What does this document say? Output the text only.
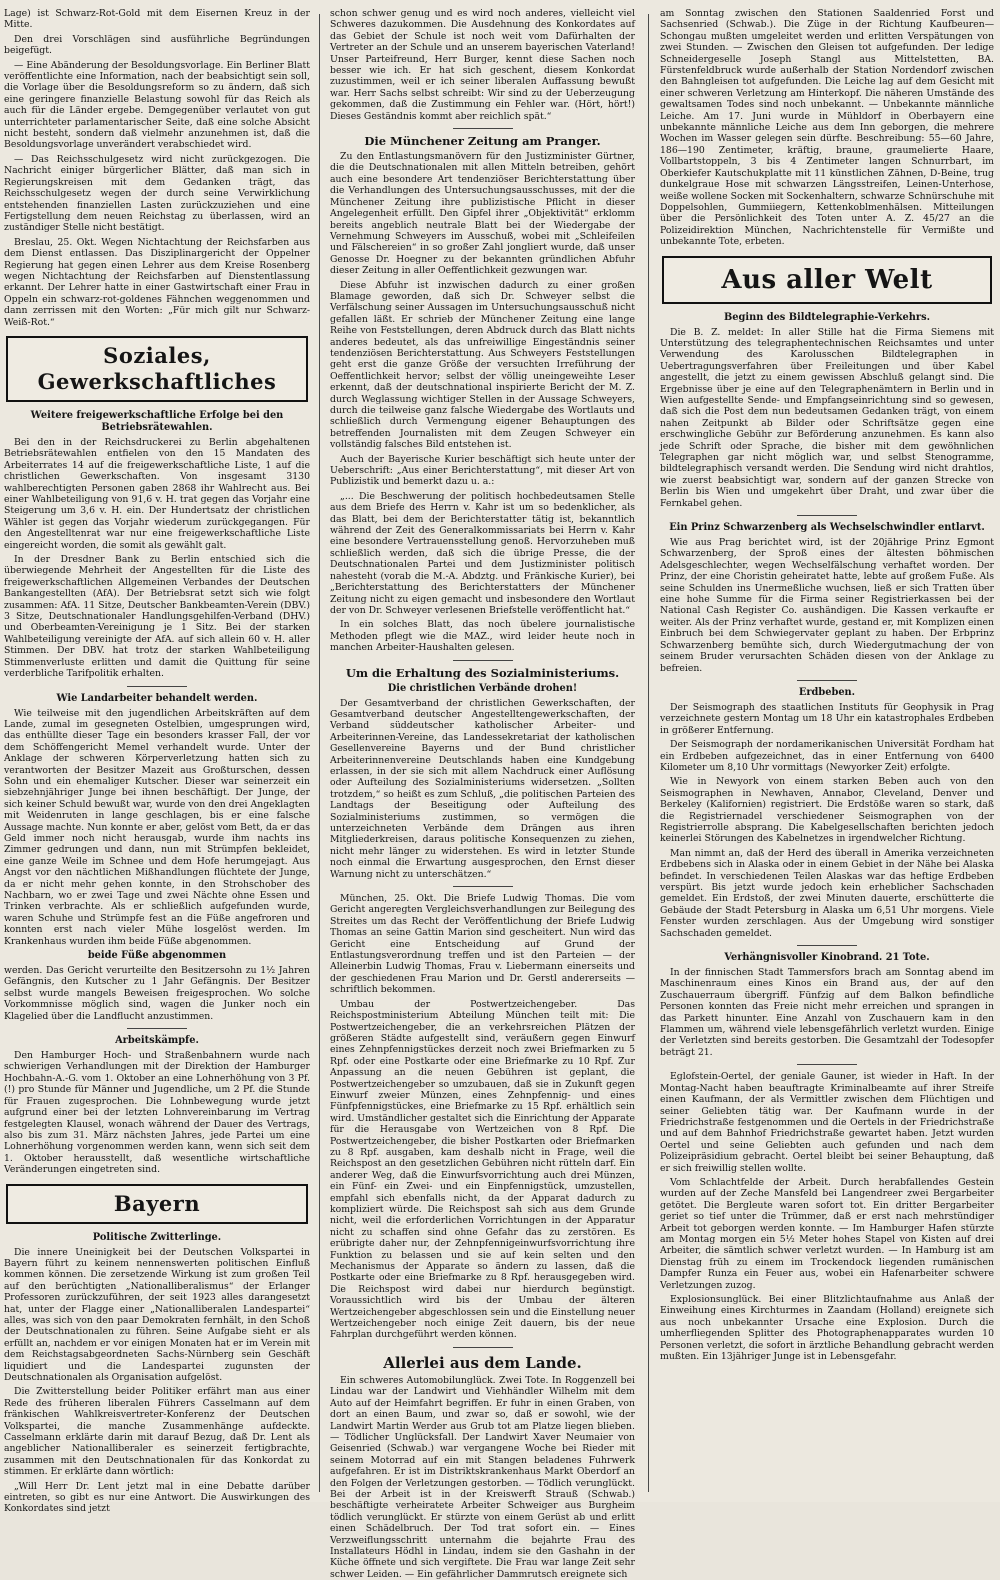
Lage) ist Schwarz-Rot-Gold mit dem Eisernen Kreuz in der Mitte.

Den drei Vorschlägen sind ausführliche Begründungen beigefügt.

— Eine Abänderung der Besoldungsvorlage. Ein Berliner Blatt veröffentlichte eine Information, nach der beabsichtigt sein soll, die Vorlage über die Besoldungsreform so zu ändern, daß sich eine geringere finanzielle Belastung sowohl für das Reich als auch für die Länder ergebe. Demgegenüber verlautet von gut unterrichteter parlamentarischer Seite, daß eine solche Absicht nicht besteht, sondern daß vielmehr anzunehmen ist, daß die Besoldungsvorlage unverändert verabschiedet wird.

— Das Reichsschulgesetz wird nicht zurückgezogen. Die Nachricht einiger bürgerlicher Blätter, daß man sich in Regierungskreisen mit dem Gedanken trägt, das Reichsschulgesetz wegen der durch seine Verwirklichung entstehenden finanziellen Lasten zurückzuziehen und eine Fertigstellung dem neuen Reichstag zu überlassen, wird an zuständiger Stelle nicht bestätigt.

Breslau, 25. Okt. Wegen Nichtachtung der Reichsfarben aus dem Dienst entlassen. Das Disziplinargericht der Oppelner Regierung hat gegen einen Lehrer aus dem Kreise Rosenberg wegen Nichtachtung der Reichsfarben auf Dienstentlassung erkannt. Der Lehrer hatte in einer Gastwirtschaft einer Frau in Oppeln ein schwarz-rot-goldenes Fähnchen weggenommen und dann zerrissen mit den Worten: „Für mich gilt nur Schwarz-Weiß-Rot.“

Soziales, Gewerkschaftliches
Weitere freigewerkschaftliche Erfolge bei den Betriebsrätewahlen.

Bei den in der Reichsdruckerei zu Berlin abgehaltenen Betriebsrätewahlen entfielen von den 15 Mandaten des Arbeiterrates 14 auf die freigewerkschaftliche Liste, 1 auf die christlichen Gewerkschaften. Von insgesamt 3130 wahlberechtigten Personen gaben 2868 ihr Wahlrecht aus. Bei einer Wahlbeteiligung von 91,6 v. H. trat gegen das Vorjahr eine Steigerung um 3,6 v. H. ein. Der Hundertsatz der christlichen Wähler ist gegen das Vorjahr wiederum zurückgegangen. Für den Angestelltenrat war nur eine freigewerkschaftliche Liste eingereicht worden, die somit als gewählt galt.

In der Dresdner Bank zu Berlin entschied sich die überwiegende Mehrheit der Angestellten für die Liste des freigewerkschaftlichen Allgemeinen Verbandes der Deutschen Bankangestellten (AfA). Der Betriebsrat setzt sich wie folgt zusammen: AfA. 11 Sitze, Deutscher Bankbeamten-Verein (DBV.) 3 Sitze, Deutschnationaler Handlungsgehilfen-Verband (DHV.) und Oberbeamten-Vereinigung je 1 Sitz. Bei der starken Wahlbeteiligung vereinigte der AfA. auf sich allein 60 v. H. aller Stimmen. Der DBV. hat trotz der starken Wahlbeteiligung Stimmenverluste erlitten und damit die Quittung für seine verderbliche Tarifpolitik erhalten.

Wie Landarbeiter behandelt werden.

Wie teilweise mit den jugendlichen Arbeitskräften auf dem Lande, zumal im gesegneten Ostelbien, umgesprungen wird, das enthüllte dieser Tage ein besonders krasser Fall, der vor dem Schöffengericht Memel verhandelt wurde. Unter der Anklage der schweren Körperverletzung hatten sich zu verantworten der Besitzer Mazeit aus Großturschen, dessen Sohn und ein ehemaliger Kutscher. Dieser war seinerzeit ein siebzehnjähriger Junge bei ihnen beschäftigt. Der Junge, der sich keiner Schuld bewußt war, wurde von den drei Angeklagten mit Weidenruten in lange geschlagen, bis er eine falsche Aussage machte. Nun konnte er aber, gelöst vom Bett, da er das Geld immer noch nicht herausgab, wurde ihm nachts ins Zimmer gedrungen und dann, nun mit Strümpfen bekleidet, eine ganze Weile im Schnee und dem Hofe herumgejagt. Aus Angst vor den nächtlichen Mißhandlungen flüchtete der Junge, da er nicht mehr gehen konnte, in den Strohschober des Nachbarn, wo er zwei Tage und zwei Nächte ohne Essen und Trinken verbrachte. Als er schließlich aufgefunden wurde, waren Schuhe und Strümpfe fest an die Füße angefroren und konnten erst nach vieler Mühe losgelöst werden. Im Krankenhaus wurden ihm beide Füße abgenommen.

beide Füße abgenommen

werden. Das Gericht verurteilte den Besitzersohn zu 1½ Jahren Gefängnis, den Kutscher zu 1 Jahr Gefängnis. Der Besitzer selbst wurde mangels Beweisen freigesprochen. Wo solche Vorkommnisse möglich sind, wagen die Junker noch ein Klagelied über die Landflucht anzustimmen.

Arbeitskämpfe.

Den Hamburger Hoch- und Straßenbahnern wurde nach schwierigen Verhandlungen mit der Direktion der Hamburger Hochbahn-A.-G. vom 1. Oktober an eine Lohnerhöhung von 3 Pf.(!) pro Stunde für Männer und Jugendliche, um 2 Pf. die Stunde für Frauen zugesprochen. Die Lohnbewegung wurde jetzt aufgrund einer bei der letzten Lohnvereinbarung im Vertrag festgelegten Klausel, wonach während der Dauer des Vertrags, also bis zum 31. März nächsten Jahres, jede Partei um eine Lohnerhöhung vorgenommen werden kann, wenn sich seit dem 1. Oktober herausstellt, daß wesentliche wirtschaftliche Veränderungen eingetreten sind.

Bayern
Politische Zwitterlinge.

Die innere Uneinigkeit bei der Deutschen Volkspartei in Bayern führt zu keinem nennenswerten politischen Einfluß kommen können. Die zersetzende Wirkung ist zum großen Teil auf den berüchtigten „Nationalliberalismus“ der Erlanger Professoren zurückzuführen, der seit 1923 alles darangesetzt hat, unter der Flagge einer „Nationalliberalen Landespartei“ alles, was sich von den paar Demokraten fernhält, in den Schoß der Deutschnationalen zu führen. Seine Aufgabe sieht er als erfüllt an, nachdem er vor einigen Monaten hat er im Verein mit dem Reichstagsabgeordneten Sachs-Nürnberg sein Geschäft liquidiert und die Landespartei zugunsten der Deutschnationalen als Organisation aufgelöst.

Die Zwitterstellung beider Politiker erfährt man aus einer Rede des früheren liberalen Führers Casselmann auf dem fränkischen Wahlkreisvertreter-Konferenz der Deutschen Volkspartei, die manche Zusammenhänge aufdeckte. Casselmann erklärte darin mit darauf Bezug, daß Dr. Lent als angeblicher Nationalliberaler es seinerzeit fertigbrachte, zusammen mit den Deutschnationalen für das Konkordat zu stimmen. Er erklärte dann wörtlich:

„Will Herr Dr. Lent jetzt mal in eine Debatte darüber eintreten, so gibt es nur eine Antwort. Die Auswirkungen des Konkordates sind jetzt

schon schwer genug und es wird noch anderes, vielleicht viel Schweres dazukommen. Die Ausdehnung des Konkordates auf das Gebiet der Schule ist noch weit vom Dafürhalten der Vertreter an der Schule und an unserem bayerischen Vaterland! Unser Parteifreund, Herr Burger, kennt diese Sachen noch besser wie ich. Er hat sich geschent, diesem Konkordat zuzustimmen, weil er ich seiner liberalen Auffassung bewußt war. Herr Sachs selbst schreibt: Wir sind zu der Ueberzeugung gekommen, daß die Zustimmung ein Fehler war. (Hört, hört!) Dieses Geständnis kommt aber reichlich spät.“

Die Münchener Zeitung am Pranger.

Zu den Entlastungsmanövern für den Justizminister Gürtner, die die Deutschnationalen mit allen Mitteln betreiben, gehört auch eine besondere Art tendenziöser Berichterstattung über die Verhandlungen des Untersuchungsausschusses, mit der die Münchener Zeitung ihre publizistische Pflicht in dieser Angelegenheit erfüllt. Den Gipfel ihrer „Objektivität“ erklomm bereits angeblich neutrale Blatt bei der Wiedergabe der Vernehmung Schweyers im Ausschuß, wobei mit „Schleifeilen und Fälschereien“ in so großer Zahl jongliert wurde, daß unser Genosse Dr. Hoegner zu der bekannten gründlichen Abfuhr dieser Zeitung in aller Oeffentlichkeit gezwungen war.

Diese Abfuhr ist inzwischen dadurch zu einer großen Blamage geworden, daß sich Dr. Schweyer selbst die Verfälschung seiner Aussagen im Untersuchungsausschuß nicht gefallen läßt. Er schrieb der Münchener Zeitung eine lange Reihe von Feststellungen, deren Abdruck durch das Blatt nichts anderes bedeutet, als das unfreiwillige Eingeständnis seiner tendenziösen Berichterstattung. Aus Schweyers Feststellungen geht erst die ganze Größe der versuchten Irreführung der Oeffentlichkeit hervor; selbst der völlig uneingeweihte Leser erkennt, daß der deutschnational inspirierte Bericht der M. Z. durch Weglassung wichtiger Stellen in der Aussage Schweyers, durch die teilweise ganz falsche Wiedergabe des Wortlauts und schließlich durch Vermengung eigener Behauptungen des betreffenden Journalisten mit dem Zeugen Schweyer ein vollständig falsches Bild entstehen ist.

Auch der Bayerische Kurier beschäftigt sich heute unter der Ueberschrift: „Aus einer Berichterstattung“, mit dieser Art von Publizistik und bemerkt dazu u. a.:

„... Die Beschwerung der politisch hochbedeutsamen Stelle aus dem Briefe des Herrn v. Kahr ist um so bedenklicher, als das Blatt, bei dem der Berichterstatter tätig ist, bekanntlich während der Zeit des Generalkommissariats bei Herrn v. Kahr eine besondere Vertrauensstellung genoß. Hervorzuheben muß schließlich werden, daß sich die übrige Presse, die der Deutschnationalen Partei und dem Justizminister politisch nahesteht (vorab die M.-A. Abdztg. und Fränkische Kurier), bei „Berichterstattung des Berichterstatters der Münchener Zeitung nicht zu eigen gemacht und insbesondere den Wortlaut der von Dr. Schweyer verlesenen Briefstelle veröffentlicht hat.“

In ein solches Blatt, das noch übelere journalistische Methoden pflegt wie die MAZ., wird leider heute noch in manchen Arbeiter-Haushalten gelesen.

Um die Erhaltung des Sozialministeriums.
Die christlichen Verbände drohen!

Der Gesamtverband der christlichen Gewerkschaften, der Gesamtverband deutscher Angestelltengewerkschaften, der Verband süddeutscher katholischer Arbeiter- und Arbeiterinnen-Vereine, das Landessekretariat der katholischen Gesellenvereine Bayerns und der Bund christlicher Arbeiterinnenvereine Deutschlands haben eine Kundgebung erlassen, in der sie sich mit allem Nachdruck einer Auflösung oder Aufteilung des Sozialministeriums widersetzen. „Sollten trotzdem,“ so heißt es zum Schluß, „die politischen Parteien des Landtags der Beseitigung oder Aufteilung des Sozialministeriums zustimmen, so vermögen die unterzeichneten Verbände dem Drängen aus ihren Mitgliederkreisen, daraus politische Konsequenzen zu ziehen, nicht mehr länger zu widerstehen. Es wird in letzter Stunde noch einmal die Erwartung ausgesprochen, den Ernst dieser Warnung nicht zu unterschätzen.“

München, 25. Okt. Die Briefe Ludwig Thomas. Die vom Gericht angeregten Vergleichsverhandlungen zur Beilegung des Streites um das Recht der Veröffentlichung der Briefe Ludwig Thomas an seine Gattin Marion sind gescheitert. Nun wird das Gericht eine Entscheidung auf Grund der Entlastungsverordnung treffen und ist den Parteien — der Alleinerbin Ludwig Thomas, Frau v. Liebermann einerseits und der geschiedenen Frau Marion und Dr. Gerstl andererseits — schriftlich bekommen.

Umbau der Postwertzeichengeber. Das Reichspostministerium Abteilung München teilt mit: Die Postwertzeichengeber, die an verkehrsreichen Plätzen der größeren Städte aufgestellt sind, veräußern gegen Einwurf eines Zehnpfennigstückes derzeit noch zwei Briefmarken zu 5 Rpf. oder eine Postkarte oder eine Briefmarke zu 10 Rpf. Zur Anpassung an die neuen Gebühren ist geplant, die Postwertzeichengeber so umzubauen, daß sie in Zukunft gegen Einwurf zweier Münzen, eines Zehnpfennig- und eines Fünfpfennigstückes, eine Briefmarke zu 15 Rpf. erhältlich sein wird. Umständlicher gestaltet sich die Einrichtung der Apparate für die Herausgabe von Wertzeichen von 8 Rpf. Die Postwertzeichengeber, die bisher Postkarten oder Briefmarken zu 8 Rpf. ausgaben, kam deshalb nicht in Frage, weil die Reichspost an den gesetzlichen Gebühren nicht rütteln darf. Ein anderer Weg, daß die Einwurfsvorrichtung auch drei Münzen, ein Fünf- ein Zwei- und ein Einpfennigstück, umzustellen, empfahl sich ebenfalls nicht, da der Apparat dadurch zu kompliziert würde. Die Reichspost sah sich aus dem Grunde nicht, weil die erforderlichen Vorrichtungen in der Apparatur nicht zu schaffen sind ohne Gefahr das zu zerstören. Es erübrigte daher nur, der Zehnpfennigeinwurfsvorrichtung ihre Funktion zu belassen und sie auf kein selten und den Mechanismus der Apparate so ändern zu lassen, daß die Postkarte oder eine Briefmarke zu 8 Rpf. herausgegeben wird. Die Reichspost wird dabei nur hierdurch begünstigt. Voraussichtlich wird bis der Umbau der älteren Wertzeichengeber abgeschlossen sein und die Einstellung neuer Wertzeichengeber noch einige Zeit dauern, bis der neue Fahrplan durchgeführt werden können.

Allerlei aus dem Lande.

Ein schweres Automobilunglück. Zwei Tote. In Roggenzell bei Lindau war der Landwirt und Viehhändler Wilhelm mit dem Auto auf der Heimfahrt begriffen. Er fuhr in einen Graben, von dort an einen Baum, und zwar so, daß er sowohl, wie der Landwirt Martin Werder aus Grub tot am Platze liegen blieben. — Tödlicher Unglücksfall. Der Landwirt Xaver Neumaier von Geisenried (Schwab.) war vergangene Woche bei Rieder mit seinem Motorrad auf ein mit Stangen beladenes Fuhrwerk aufgefahren. Er ist im Distriktskrankenhaus Markt Oberdorf an den Folgen der Verletzungen gestorben. — Tödlich verunglückt. Bei der Arbeit ist in der Kreiswerft Strauß (Schwab.) beschäftigte verheiratete Arbeiter Schweiger aus Burgheim tödlich verunglückt. Er stürzte von einem Gerüst ab und erlitt einen Schädelbruch. Der Tod trat sofort ein. — Eines Verzweiflungsschritt unternahm die bejahrte Frau des Installateurs Hödhl in Lindau, indem sie den Gashahn in der Küche öffnete und sich vergiftete. Die Frau war lange Zeit sehr schwer Leiden. — Ein gefährlicher Dammrutsch ereignete sich

am Sonntag zwischen den Stationen Saaldenried Forst und Sachsenried (Schwab.). Die Züge in der Richtung Kaufbeuren—Schongau mußten umgeleitet werden und erlitten Verspätungen von zwei Stunden. — Zwischen den Gleisen tot aufgefunden. Der ledige Schneidergeselle Joseph Stangl aus Mittelstetten, BA. Fürstenfeldbruck wurde außerhalb der Station Nordendorf zwischen den Bahngleisen tot aufgefunden. Die Leiche lag auf dem Gesicht mit einer schweren Verletzung am Hinterkopf. Die näheren Umstände des gewaltsamen Todes sind noch unbekannt. — Unbekannte männliche Leiche. Am 17. Juni wurde in Mühldorf in Oberbayern eine unbekannte männliche Leiche aus dem Inn geborgen, die mehrere Wochen im Wasser gelegen sein dürfte. Beschreibung: 55—60 Jahre, 186—190 Zentimeter, kräftig, braune, graumelierte Haare, Vollbartstoppeln, 3 bis 4 Zentimeter langen Schnurrbart, im Oberkiefer Kautschukplatte mit 11 künstlichen Zähnen, D-Beine, trug dunkelgraue Hose mit schwarzen Längsstreifen, Leinen-Unterhose, weiße wollene Socken mit Sockenhaltern, schwarze Schnürschuhe mit Doppelsohlen, Gummiiegern, Kettenkoblmenhälsen. Mitteilungen über die Persönlichkeit des Toten unter A. Z. 45/27 an die Polizeidirektion München, Nachrichtenstelle für Vermißte und unbekannte Tote, erbeten.

Aus aller Welt
Beginn des Bildtelegraphie-Verkehrs.

Die B. Z. meldet: In aller Stille hat die Firma Siemens mit Unterstützung des telegraphentechnischen Reichsamtes und unter Verwendung des Karolusschen Bildtelegraphen in Uebertragungsverfahren über Freileitungen und über Kabel angestellt, die jetzt zu einem gewissen Abschluß gelangt sind. Die Ergebnisse über je eine auf den Telegraphenämtern in Berlin und in Wien aufgestellte Sende- und Empfangseinrichtung sind so gewesen, daß sich die Post dem nun bedeutsamen Gedanken trägt, von einem nahen Zeitpunkt ab Bilder oder Schriftsätze gegen eine erschwingliche Gebühr zur Beförderung anzunehmen. Es kann also jede Schrift oder Sprache, die bisher mit dem gewöhnlichen Telegraphen gar nicht möglich war, und selbst Stenogramme, bildtelegraphisch versandt werden. Die Sendung wird nicht drahtlos, wie zuerst beabsichtigt war, sondern auf der ganzen Strecke von Berlin bis Wien und umgekehrt über Draht, und zwar über die Fernkabel gehen.

Ein Prinz Schwarzenberg als Wechselschwindler entlarvt.

Wie aus Prag berichtet wird, ist der 20jährige Prinz Egmont Schwarzenberg, der Sproß eines der ältesten böhmischen Adelsgeschlechter, wegen Wechselfälschung verhaftet worden. Der Prinz, der eine Choristin geheiratet hatte, lebte auf großem Fuße. Als seine Schulden ins Unermeßliche wuchsen, ließ er sich Tratten über eine hohe Summe für die Firma seiner Registrierkassen bei der National Cash Register Co. aushändigen. Die Kassen verkaufte er weiter. Als der Prinz verhaftet wurde, gestand er, mit Komplizen einen Einbruch bei dem Schwiegervater geplant zu haben. Der Erbprinz Schwarzenberg bemühte sich, durch Wiedergutmachung der von seinem Bruder verursachten Schäden diesen von der Anklage zu befreien.

Erdbeben.

Der Seismograph des staatlichen Instituts für Geophysik in Prag verzeichnete gestern Montag um 18 Uhr ein katastrophales Erdbeben in größerer Entfernung.

Der Seismograph der nordamerikanischen Universität Fordham hat ein Erdbeben aufgezeichnet, das in einer Entfernung von 6400 Kilometer um 8,10 Uhr vormittags (Newyorker Zeit) erfolgte.

Wie in Newyork von einem starken Beben auch von den Seismographen in Newhaven, Annabor, Cleveland, Denver und Berkeley (Kalifornien) registriert. Die Erdstöße waren so stark, daß die Registriernadel verschiedener Seismographen von der Registrierrolle absprang. Die Kabelgesellschaften berichten jedoch keinerlei Störungen des Kabelnetzes in irgendwelcher Richtung.

Man nimmt an, daß der Herd des überall in Amerika verzeichneten Erdbebens sich in Alaska oder in einem Gebiet in der Nähe bei Alaska befindet. In verschiedenen Teilen Alaskas war das heftige Erdbeben verspürt. Bis jetzt wurde jedoch kein erheblicher Sachschaden gemeldet. Ein Erdstoß, der zwei Minuten dauerte, erschütterte die Gebäude der Stadt Petersburg in Alaska um 6,51 Uhr morgens. Viele Fenster wurden zerschlagen. Aus der Umgebung wird sonstiger Sachschaden gemeldet.

Verhängnisvoller Kinobrand. 21 Tote.

In der finnischen Stadt Tammersfors brach am Sonntag abend im Maschinenraum eines Kinos ein Brand aus, der auf den Zuschauerraum übergriff. Fünfzig auf dem Balkon befindliche Personen konnten das Freie nicht mehr erreichen und sprangen in das Parkett hinunter. Eine Anzahl von Zuschauern kam in den Flammen um, während viele lebensgefährlich verletzt wurden. Einige der Verletzten sind bereits gestorben. Die Gesamtzahl der Todesopfer beträgt 21.

Eglofstein-Oertel, der geniale Gauner, ist wieder in Haft. In der Montag-Nacht haben beauftragte Kriminalbeamte auf ihrer Streife einen Kaufmann, der als Vermittler zwischen dem Flüchtigen und seiner Geliebten tätig war. Der Kaufmann wurde in der Friedrichstraße festgenommen und die Oertels in der Friedrichstraße und auf dem Bahnhof Friedrichstraße gewartet haben. Jetzt wurden Oertel und seine Geliebten auch gefunden und nach dem Polizeipräsidium gebracht. Oertel bleibt bei seiner Behauptung, daß er sich freiwillig stellen wollte.

Vom Schlachtfelde der Arbeit. Durch herabfallendes Gestein wurden auf der Zeche Mansfeld bei Langendreer zwei Bergarbeiter getötet. Die Bergleute waren sofort tot. Ein dritter Bergarbeiter geriet so tief unter die Trümmer, daß er erst nach mehrstündiger Arbeit tot geborgen werden konnte. — Im Hamburger Hafen stürzte am Montag morgen ein 5½ Meter hohes Stapel von Kisten auf drei Arbeiter, die sämtlich schwer verletzt wurden. — In Hamburg ist am Dienstag früh zu einem im Trockendock liegenden rumänischen Dampfer Runza ein Feuer aus, wobei ein Hafenarbeiter schwere Verletzungen zuzog.

Explosionsunglück. Bei einer Blitzlichtaufnahme aus Anlaß der Einweihung eines Kirchturmes in Zaandam (Holland) ereignete sich aus noch unbekannter Ursache eine Explosion. Durch die umherfliegenden Splitter des Photographenapparates wurden 10 Personen verletzt, die sofort in ärztliche Behandlung gebracht werden mußten. Ein 13jähriger Junge ist in Lebensgefahr.
